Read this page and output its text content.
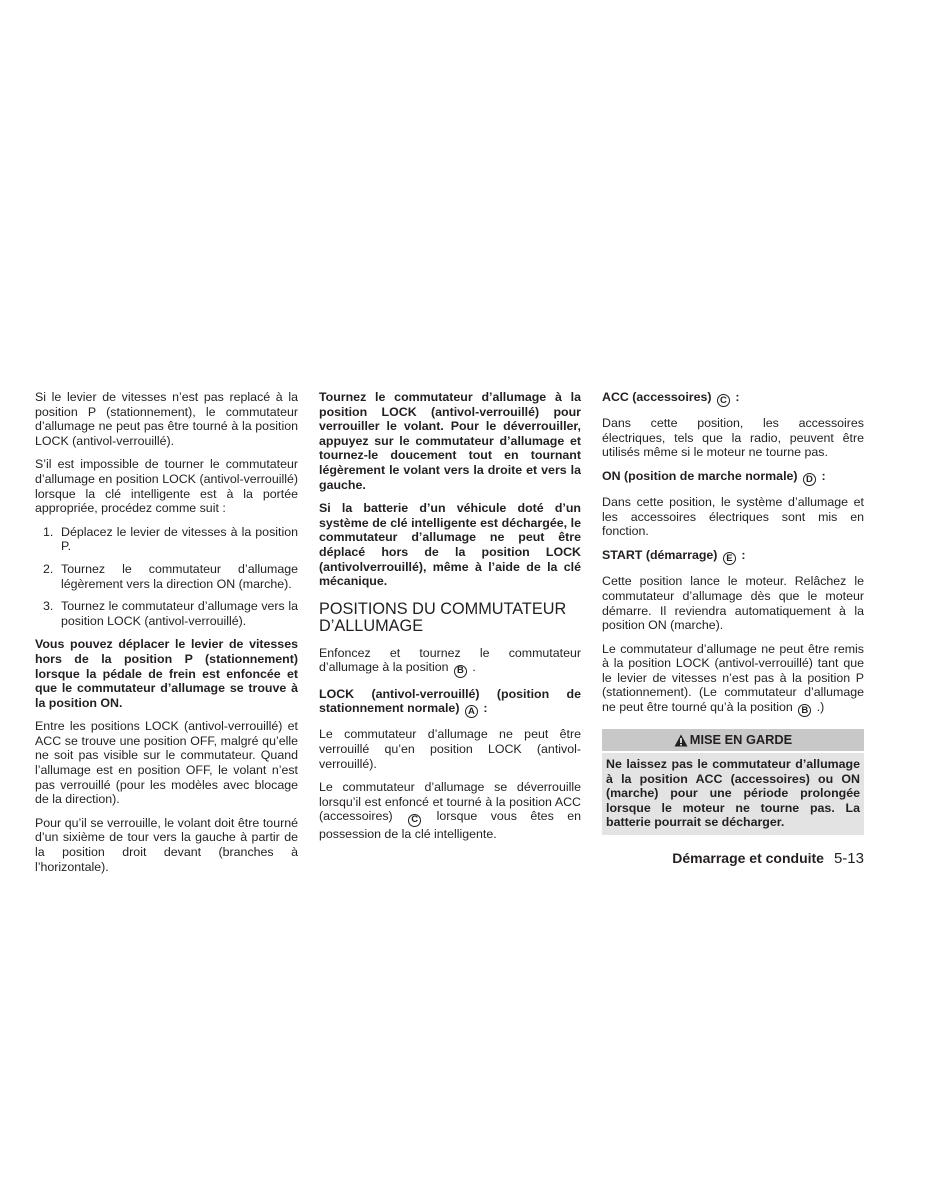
Si le levier de vitesses n’est pas replacé à la position P (stationnement), le commutateur d’allumage ne peut pas être tourné à la position LOCK (antivol-verrouillé).

S’il est impossible de tourner le commutateur d’allumage en position LOCK (antivol-verrouillé) lorsque la clé intelligente est à la portée appropriée, procédez comme suit :

1. Déplacez le levier de vitesses à la position P.
2. Tournez le commutateur d’allumage légèrement vers la direction ON (marche).
3. Tournez le commutateur d’allumage vers la position LOCK (antivol-verrouillé).

Vous pouvez déplacer le levier de vitesses hors de la position P (stationnement) lorsque la pédale de frein est enfoncée et que le commutateur d’allumage se trouve à la position ON.

Entre les positions LOCK (antivol-verrouillé) et ACC se trouve une position OFF, malgré qu’elle ne soit pas visible sur le commutateur. Quand l’allumage est en position OFF, le volant n’est pas verrouillé (pour les modèles avec blocage de la direction).

Pour qu’il se verrouille, le volant doit être tourné d’un sixième de tour vers la gauche à partir de la position droit devant (branches à l’horizontale).

Tournez le commutateur d’allumage à la position LOCK (antivol-verrouillé) pour verrouiller le volant. Pour le déverrouiller, appuyez sur le commutateur d’allumage et tournez-le doucement tout en tournant légèrement le volant vers la droite et vers la gauche.

Si la batterie d’un véhicule doté d’un système de clé intelligente est déchargée, le commutateur d’allumage ne peut être déplacé hors de la position LOCK (antivolverrouillé), même à l’aide de la clé mécanique.

POSITIONS DU COMMUTATEUR D’ALLUMAGE

Enfoncez et tournez le commutateur d’allumage à la position B .

LOCK (antivol-verrouillé) (position de stationnement normale) A :

Le commutateur d’allumage ne peut être verrouillé qu’en position LOCK (antivol-verrouillé).

Le commutateur d’allumage se déverrouille lorsqu’il est enfoncé et tourné à la position ACC (accessoires) C lorsque vous êtes en possession de la clé intelligente.

ACC (accessoires) C :

Dans cette position, les accessoires électriques, tels que la radio, peuvent être utilisés même si le moteur ne tourne pas.

ON (position de marche normale) D :

Dans cette position, le système d’allumage et les accessoires électriques sont mis en fonction.

START (démarrage) E :

Cette position lance le moteur. Relâchez le commutateur d’allumage dès que le moteur démarre. Il reviendra automatiquement à la position ON (marche).

Le commutateur d’allumage ne peut être remis à la position LOCK (antivol-verrouillé) tant que le levier de vitesses n’est pas à la position P (stationnement). (Le commutateur d’allumage ne peut être tourné qu’à la position B .)

MISE EN GARDE
Ne laissez pas le commutateur d’allumage à la position ACC (accessoires) ou ON (marche) pour une période prolongée lorsque le moteur ne tourne pas. La batterie pourrait se décharger.
Démarrage et conduite 5-13
